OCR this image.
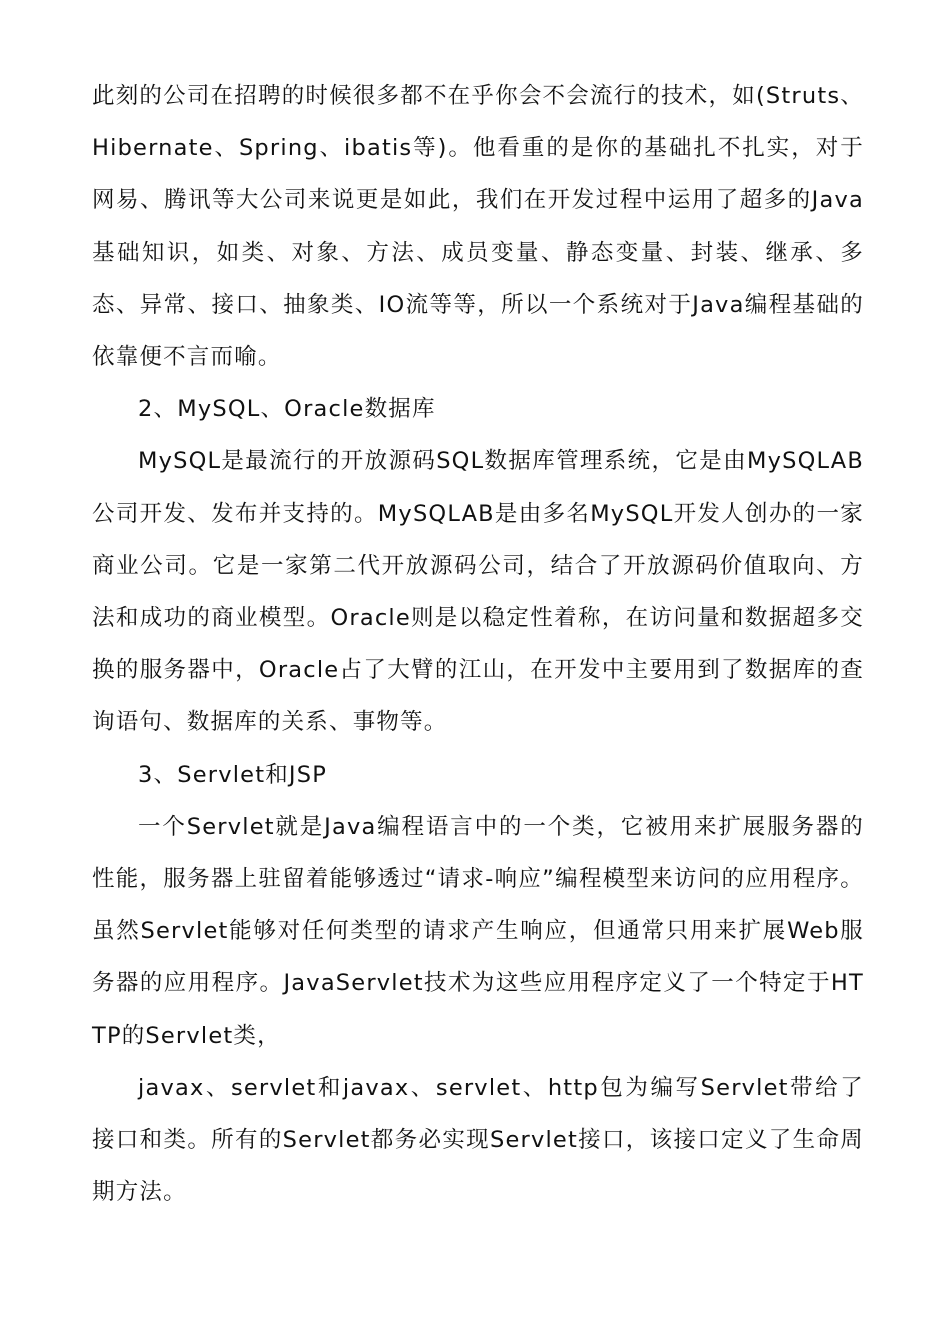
此刻的公司在招聘的时候很多都不在乎你会不会流行的技术，如(Struts、Hibernate、Spring、ibatis等)。他看重的是你的基础扎不扎实，对于网易、腾讯等大公司来说更是如此，我们在开发过程中运用了超多的Java基础知识，如类、对象、方法、成员变量、静态变量、封装、继承、多态、异常、接口、抽象类、IO流等等，所以一个系统对于Java编程基础的依靠便不言而喻。

2、MySQL、Oracle数据库

MySQL是最流行的开放源码SQL数据库管理系统，它是由MySQLAB公司开发、发布并支持的。MySQLAB是由多名MySQL开发人创办的一家商业公司。它是一家第二代开放源码公司，结合了开放源码价值取向、方法和成功的商业模型。Oracle则是以稳定性着称，在访问量和数据超多交换的服务器中，Oracle占了大臂的江山，在开发中主要用到了数据库的查询语句、数据库的关系、事物等。

3、Servlet和JSP

一个Servlet就是Java编程语言中的一个类，它被用来扩展服务器的性能，服务器上驻留着能够透过“请求-响应”编程模型来访问的应用程序。虽然Servlet能够对任何类型的请求产生响应，但通常只用来扩展Web服务器的应用程序。JavaServlet技术为这些应用程序定义了一个特定于HTTP的Servlet类，

javax、servlet和javax、servlet、http包为编写Servlet带给了接口和类。所有的Servlet都务必实现Servlet接口，该接口定义了生命周期方法。
